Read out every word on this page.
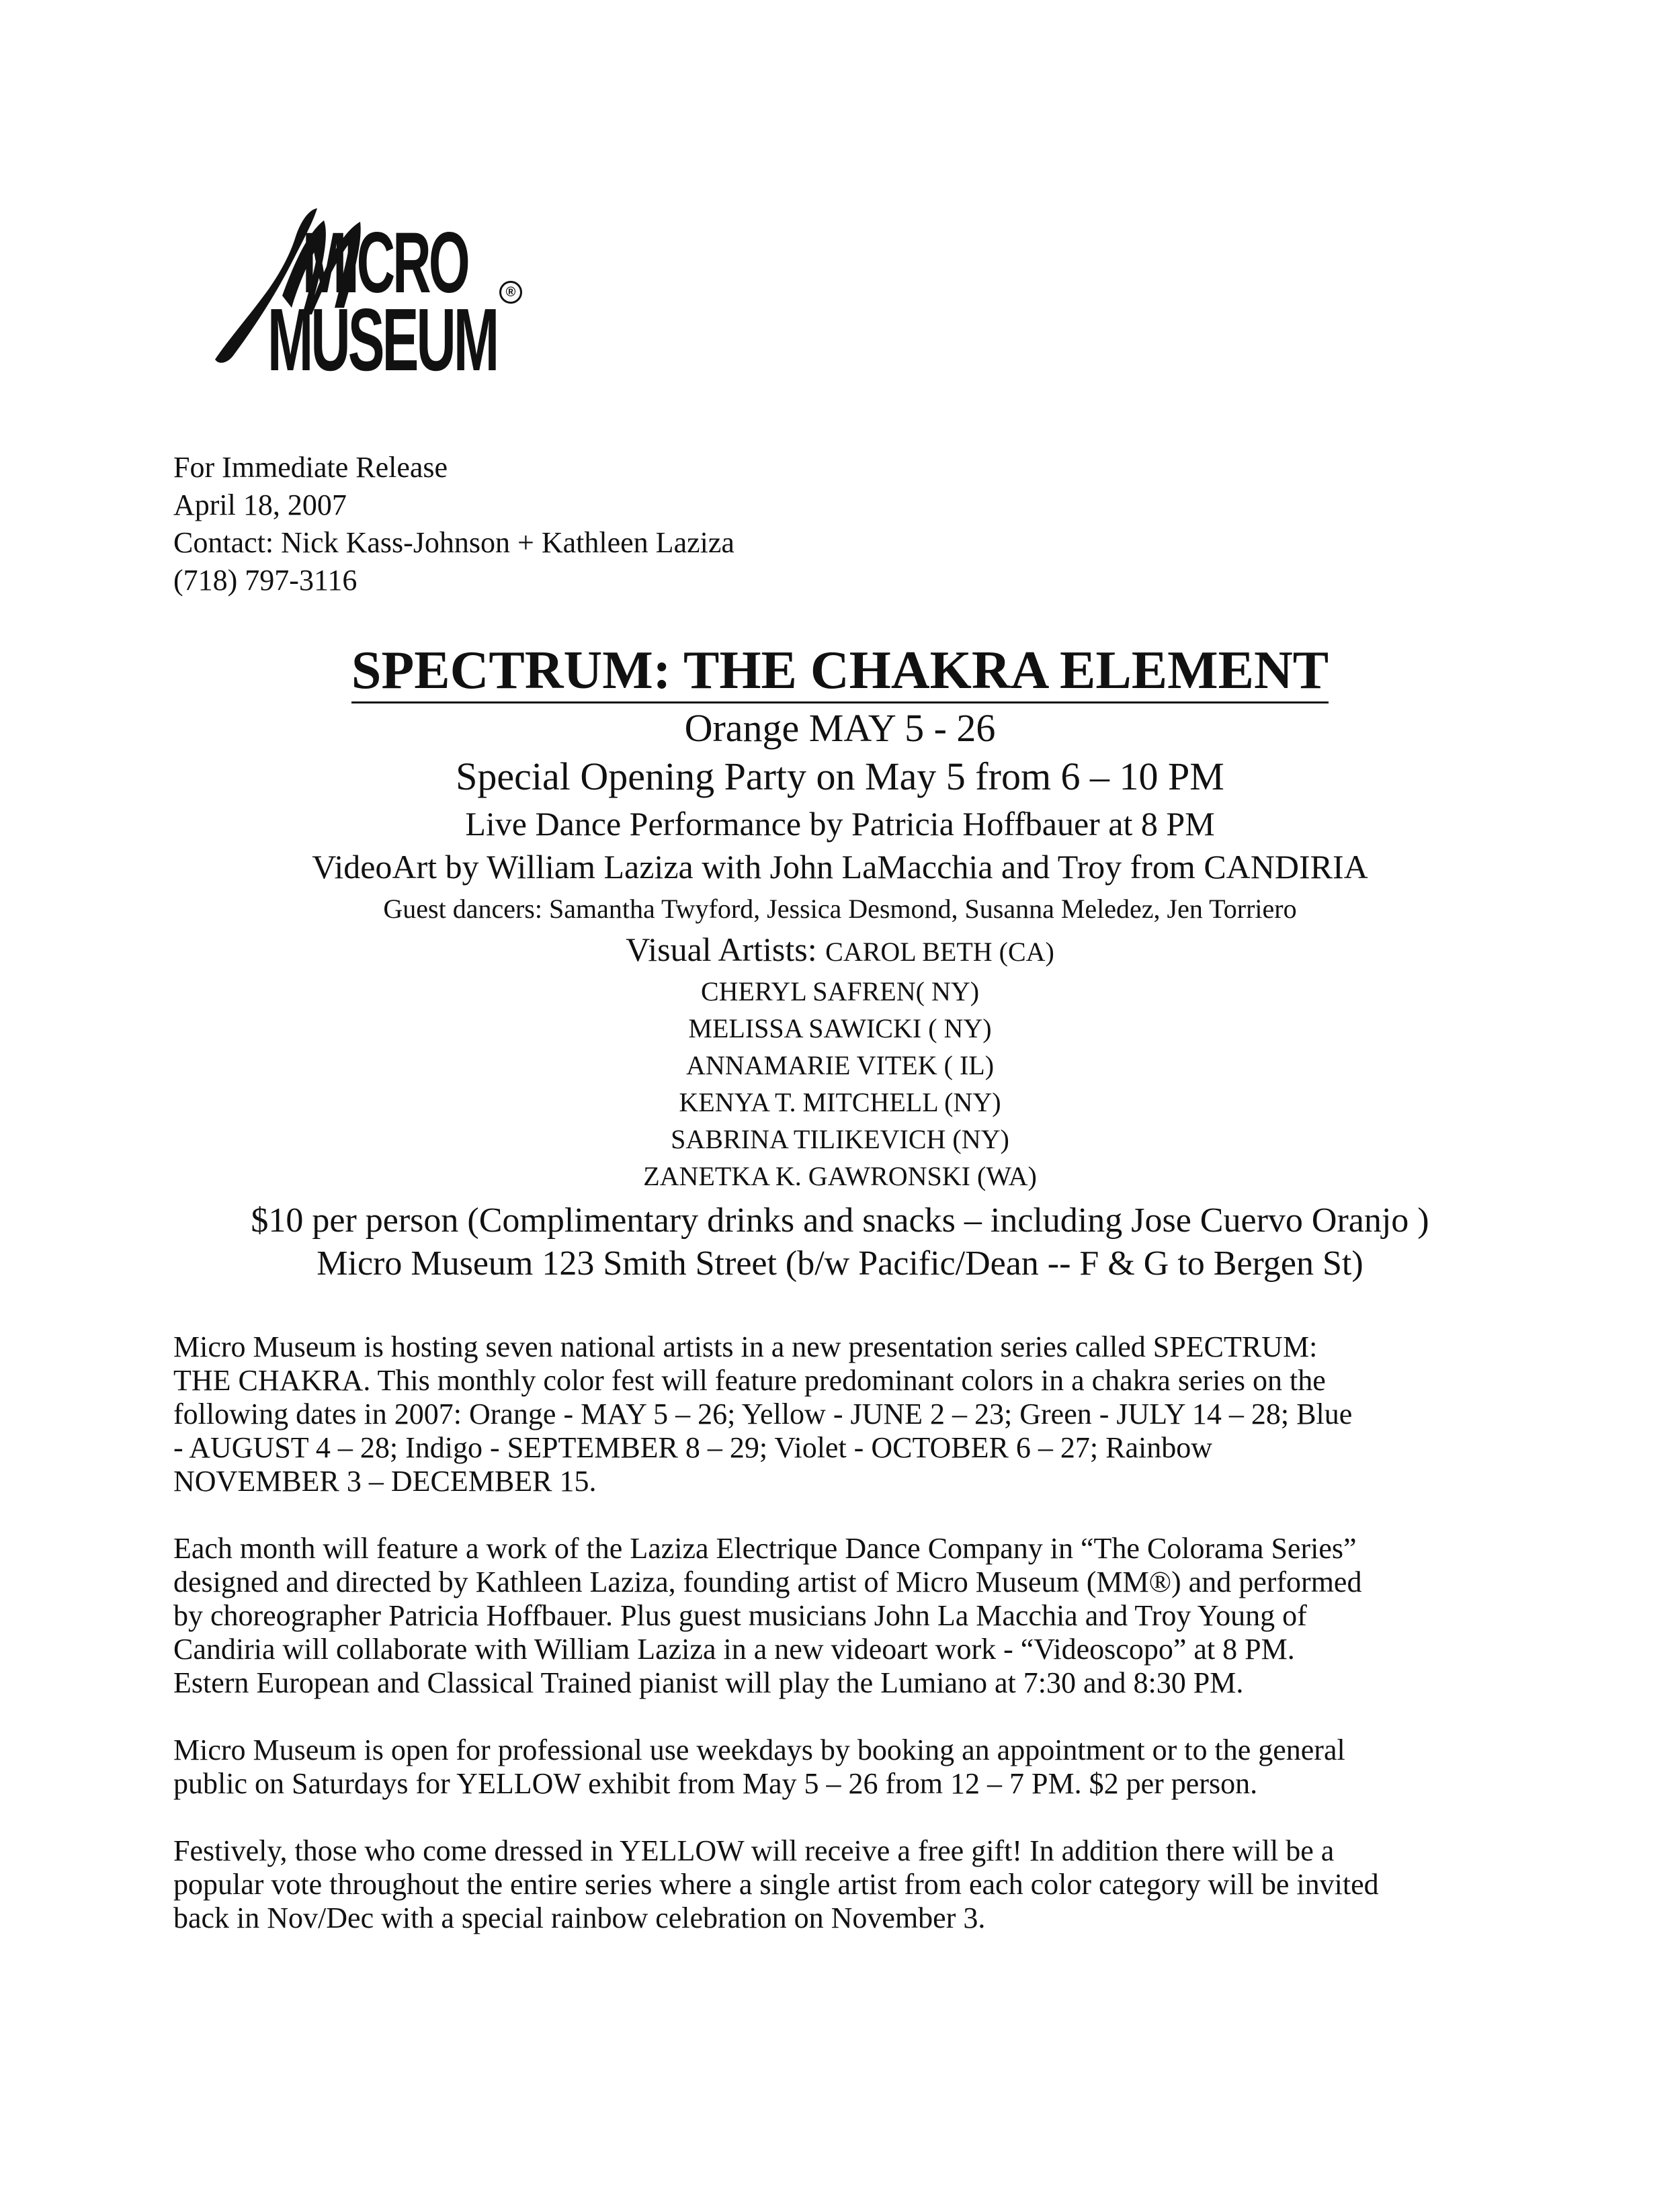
MICRO	®
MUSEUM
For Immediate Release
April 18, 2007
Contact: Nick Kass-Johnson + Kathleen Laziza
(718) 797-3116
SPECTRUM: THE CHAKRA ELEMENT
Orange MAY 5 - 26
Special Opening Party on May 5 from 6 – 10 PM
Live Dance Performance by Patricia Hoffbauer at 8 PM
VideoArt by William Laziza with John LaMacchia and Troy from CANDIRIA
Guest dancers: Samantha Twyford, Jessica Desmond, Susanna Meledez, Jen Torriero
Visual Artists: CAROL BETH (CA)
CHERYL SAFREN( NY)
MELISSA SAWICKI ( NY)
ANNAMARIE VITEK ( IL)
KENYA T. MITCHELL (NY)
SABRINA TILIKEVICH (NY)
ZANETKA K. GAWRONSKI (WA)
$10 per person (Complimentary drinks and snacks – including Jose Cuervo Oranjo )
Micro Museum 123 Smith Street (b/w Pacific/Dean -- F & G to Bergen St)
Micro Museum is hosting seven national artists in a new presentation series called SPECTRUM:
THE CHAKRA. This monthly color fest will feature predominant colors in a chakra series on the
following dates in 2007: Orange - MAY 5 – 26; Yellow - JUNE 2 – 23; Green - JULY 14 – 28; Blue
- AUGUST 4 – 28; Indigo - SEPTEMBER 8 – 29; Violet - OCTOBER 6 – 27; Rainbow
NOVEMBER 3 – DECEMBER 15.
Each month will feature a work of the Laziza Electrique Dance Company in “The Colorama Series”
designed and directed by Kathleen Laziza, founding artist of Micro Museum (MM®) and performed
by choreographer Patricia Hoffbauer. Plus guest musicians John La Macchia and Troy Young of
Candiria will collaborate with William Laziza in a new videoart work - “Videoscopo” at 8 PM.
Estern European and Classical Trained pianist will play the Lumiano at 7:30 and 8:30 PM.
Micro Museum is open for professional use weekdays by booking an appointment or to the general
public on Saturdays for YELLOW exhibit from May 5 – 26 from 12 – 7 PM. $2 per person.
Festively, those who come dressed in YELLOW will receive a free gift! In addition there will be a
popular vote throughout the entire series where a single artist from each color category will be invited
back in Nov/Dec with a special rainbow celebration on November 3.
